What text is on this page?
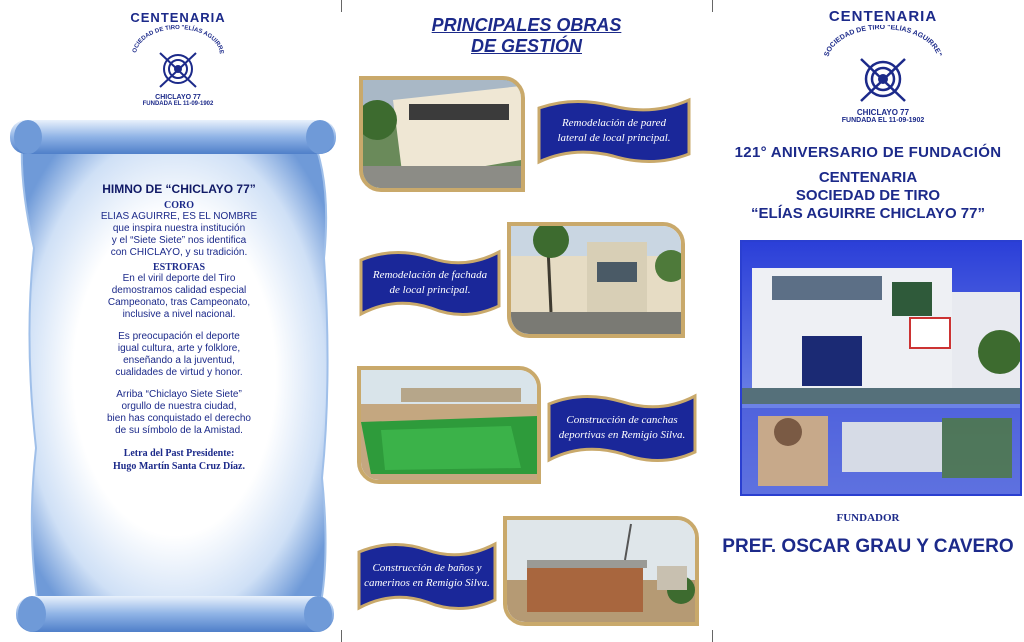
CENTENARIA
OCIEDAD DE TIRO "ELÍAS AGUIRRE
CHICLAYO 77
FUNDADA EL 11-09-1902
HIMNO DE “CHICLAYO 77”
CORO
ELIAS AGUIRRE, ES EL NOMBRE
que inspira nuestra institución
y el “Siete Siete” nos identifica
con CHICLAYO, y su tradición.
ESTROFAS
En el viril deporte del Tiro
demostramos calidad especial
Campeonato, tras Campeonato,
inclusive a nivel nacional.
Es preocupación el deporte
igual cultura, arte y folklore,
enseñando a la juventud,
cualidades de virtud y honor.
Arriba “Chiclayo Siete Siete”
orgullo de nuestra ciudad,
bien has conquistado el derecho
de su símbolo de la Amistad.
Letra del Past Presidente:
Hugo Martín Santa Cruz Díaz.
PRINCIPALES OBRAS
DE GESTIÓN
Remodelación de pared
lateral de local principal.
Remodelación de fachada
de local principal.
Construcción de canchas
deportivas en Remigio Silva.
Construcción de baños y
camerinos en Remigio Silva.
CENTENARIA
SOCIEDAD DE TIRO "ELÍAS AGUIRRE"
CHICLAYO 77
FUNDADA EL 11-09-1902
121° ANIVERSARIO DE FUNDACIÓN
CENTENARIA
SOCIEDAD DE TIRO
“ELÍAS AGUIRRE CHICLAYO 77”
FUNDADOR
PREF. OSCAR GRAU Y CAVERO
